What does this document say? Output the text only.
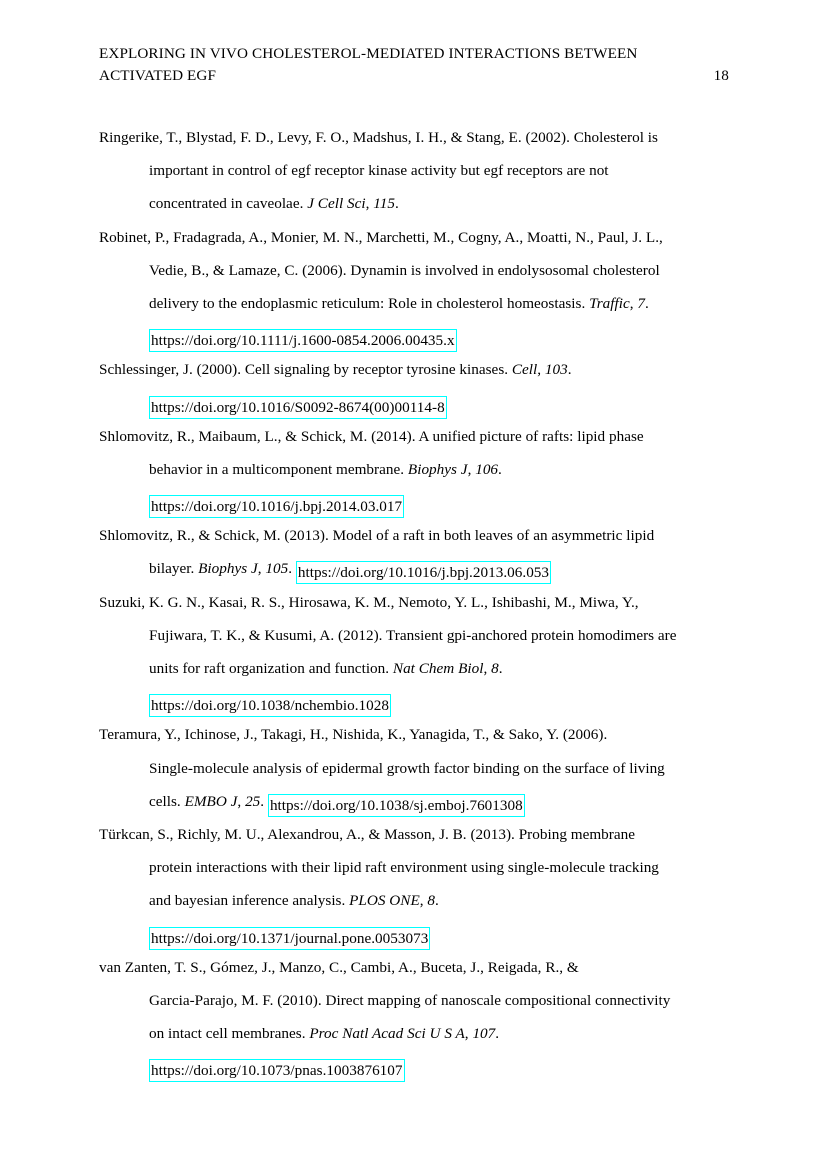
EXPLORING IN VIVO CHOLESTEROL-MEDIATED INTERACTIONS BETWEEN
ACTIVATED EGF	18
Ringerike, T., Blystad, F. D., Levy, F. O., Madshus, I. H., & Stang, E. (2002). Cholesterol is
important in control of egf receptor kinase activity but egf receptors are not
concentrated in caveolae. J Cell Sci, 115.
Robinet, P., Fradagrada, A., Monier, M. N., Marchetti, M., Cogny, A., Moatti, N., Paul, J. L.,
Vedie, B., & Lamaze, C. (2006). Dynamin is involved in endolysosomal cholesterol
delivery to the endoplasmic reticulum: Role in cholesterol homeostasis. Traffic, 7.
https://doi.org/10.1111/j.1600-0854.2006.00435.x
Schlessinger, J. (2000). Cell signaling by receptor tyrosine kinases. Cell, 103.
https://doi.org/10.1016/S0092-8674(00)00114-8
Shlomovitz, R., Maibaum, L., & Schick, M. (2014). A unified picture of rafts: lipid phase
behavior in a multicomponent membrane. Biophys J, 106.
https://doi.org/10.1016/j.bpj.2014.03.017
Shlomovitz, R., & Schick, M. (2013). Model of a raft in both leaves of an asymmetric lipid
bilayer. Biophys J, 105. https://doi.org/10.1016/j.bpj.2013.06.053
Suzuki, K. G. N., Kasai, R. S., Hirosawa, K. M., Nemoto, Y. L., Ishibashi, M., Miwa, Y.,
Fujiwara, T. K., & Kusumi, A. (2012). Transient gpi-anchored protein homodimers are
units for raft organization and function. Nat Chem Biol, 8.
https://doi.org/10.1038/nchembio.1028
Teramura, Y., Ichinose, J., Takagi, H., Nishida, K., Yanagida, T., & Sako, Y. (2006).
Single-molecule analysis of epidermal growth factor binding on the surface of living
cells. EMBO J, 25. https://doi.org/10.1038/sj.emboj.7601308
Türkcan, S., Richly, M. U., Alexandrou, A., & Masson, J. B. (2013). Probing membrane
protein interactions with their lipid raft environment using single-molecule tracking
and bayesian inference analysis. PLOS ONE, 8.
https://doi.org/10.1371/journal.pone.0053073
van Zanten, T. S., Gómez, J., Manzo, C., Cambi, A., Buceta, J., Reigada, R., &
Garcia-Parajo, M. F. (2010). Direct mapping of nanoscale compositional connectivity
on intact cell membranes. Proc Natl Acad Sci U S A, 107.
https://doi.org/10.1073/pnas.1003876107
